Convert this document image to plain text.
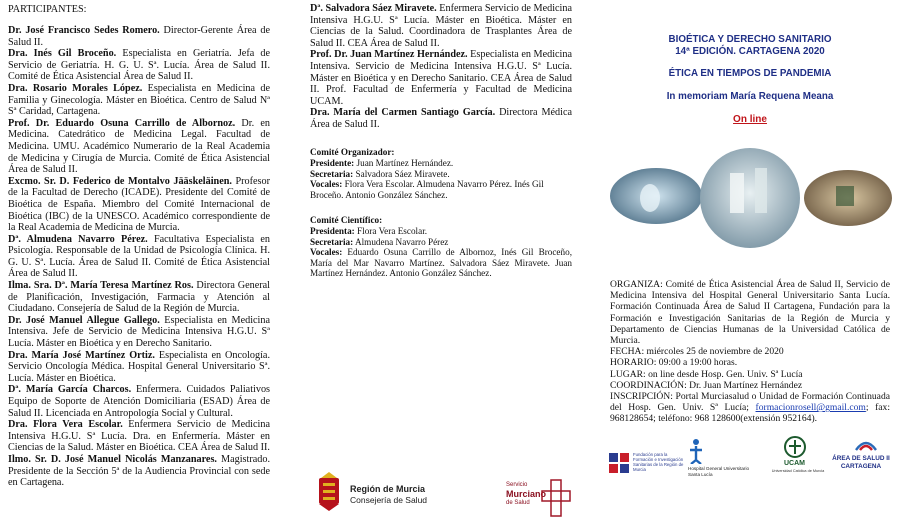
PARTICIPANTES:
Dr. José Francisco Sedes Romero. Director-Gerente Área de Salud II.
Dra. Inés Gil Broceño. Especialista en Geriatría. Jefa de Servicio de Geriatría. H. G. U. Sª. Lucía. Área de Salud II. Comité de Ética Asistencial Área de Salud II.
Dra. Rosario Morales López. Especialista en Medicina de Familia y Ginecología. Máster en Bioética. Centro de Salud Nª Sª Caridad, Cartagena.
Prof. Dr. Eduardo Osuna Carrillo de Albornoz. Dr. en Medicina. Catedrático de Medicina Legal. Facultad de Medicina. UMU. Académico Numerario de la Real Academia de Medicina y Cirugía de Murcia. Comité de Ética Asistencial Área de Salud II.
Excmo. Sr. D. Federico de Montalvo Jääskeläinen. Profesor de la Facultad de Derecho (ICADE). Presidente del Comité de Bioética de España. Miembro del Comité Internacional de Bioética (IBC) de la UNESCO. Académico correspondiente de la Real Academia de Medicina de Murcia.
Dª. Almudena Navarro Pérez. Facultativa Especialista en Psicología. Responsable de la Unidad de Psicología Clínica. H. G. U. Sª. Lucía. Área de Salud II. Comité de Ética Asistencial Área de Salud II.
Ilma. Sra. Dª. María Teresa Martínez Ros. Directora General de Planificación, Investigación, Farmacia y Atención al Ciudadano. Consejería de Salud de la Región de Murcia.
Dr. José Manuel Allegue Gallego. Especialista en Medicina Intensiva. Jefe de Servicio de Medicina Intensiva H.G.U. Sª Lucía. Máster en Bioética y en Derecho Sanitario.
Dra. María José Martínez Ortiz. Especialista en Oncología. Servicio Oncología Médica. Hospital General Universitario Sª. Lucía. Máster en Bioética.
Dª. María García Charcos. Enfermera. Cuidados Paliativos Equipo de Soporte de Atención Domiciliaria (ESAD) Área de Salud II. Licenciada en Antropología Social y Cultural.
Dra. Flora Vera Escolar. Enfermera Servicio de Medicina Intensiva H.G.U. Sª Lucía. Dra. en Enfermería. Máster en Ciencias de la Salud. Máster en Bioética. CEA Área de Salud II.
Ilmo. Sr. D. José Manuel Nicolás Manzanares. Magistrado. Presidente de la Sección 5ª de la Audiencia Provincial con sede en Cartagena.
Dª. Salvadora Sáez Miravete. Enfermera Servicio de Medicina Intensiva H.G.U. Sª Lucía. Máster en Bioética. Máster en Ciencias de la Salud. Coordinadora de Trasplantes Área de Salud II. CEA Área de Salud II.
Prof. Dr. Juan Martínez Hernández. Especialista en Medicina Intensiva. Servicio de Medicina Intensiva H.G.U. Sª Lucía. Máster en Bioética y en Derecho Sanitario. CEA Área de Salud II. Prof. Facultad de Enfermería y Facultad de Medicina UCAM.
Dra. María del Carmen Santiago García. Directora Médica Área de Salud II.
Comité Organizador:
Presidente: Juan Martínez Hernández.
Secretaria: Salvadora Sáez Miravete.
Vocales: Flora Vera Escolar. Almudena Navarro Pérez. Inés Gil Broceño. Antonio González Sánchez.
Comité Científico:
Presidenta: Flora Vera Escolar.
Secretaria: Almudena Navarro Pérez
Vocales: Eduardo Osuna Carrillo de Albornoz, Inés Gil Broceño, María del Mar Navarro Martínez. Salvadora Sáez Miravete. Juan Martínez Hernández. Antonio González Sánchez.
Región de Murcia
Consejería de Salud
Servicio
Murciano
de Salud
BIOÉTICA Y DERECHO SANITARIO
14ª EDICIÓN. CARTAGENA 2020
ÉTICA EN TIEMPOS DE PANDEMIA
In memoriam María Requena Meana
On line
ORGANIZA: Comité de Ética Asistencial Área de Salud II, Servicio de Medicina Intensiva del Hospital General Universitario Santa Lucía. Formación Continuada Área de Salud II Cartagena, Fundación para la Formación e Investigación Sanitarias de la Región de Murcia y Departamento de Ciencias Humanas de la Universidad Católica de Murcia.
FECHA: miércoles 25 de noviembre de 2020
HORARIO: 09:00 a 19:00 horas.
LUGAR: on line desde Hosp. Gen. Univ. Sª Lucía
COORDINACIÓN: Dr. Juan Martínez Hernández
INSCRIPCIÓN: Portal Murciasalud o Unidad de Formación Continuada del Hosp. Gen. Univ. Sª Lucía; formacionrosell@gmail.com; fax: 968128654; teléfono: 968 128600(extensión 952164).
Fundación para la Formación e Investigación Sanitarias de la Región de Murcia	Hospital General Universitario
Santa Lucía
UCAM
Universidad Católica de Murcia
ÁREA DE SALUD II
CARTAGENA
